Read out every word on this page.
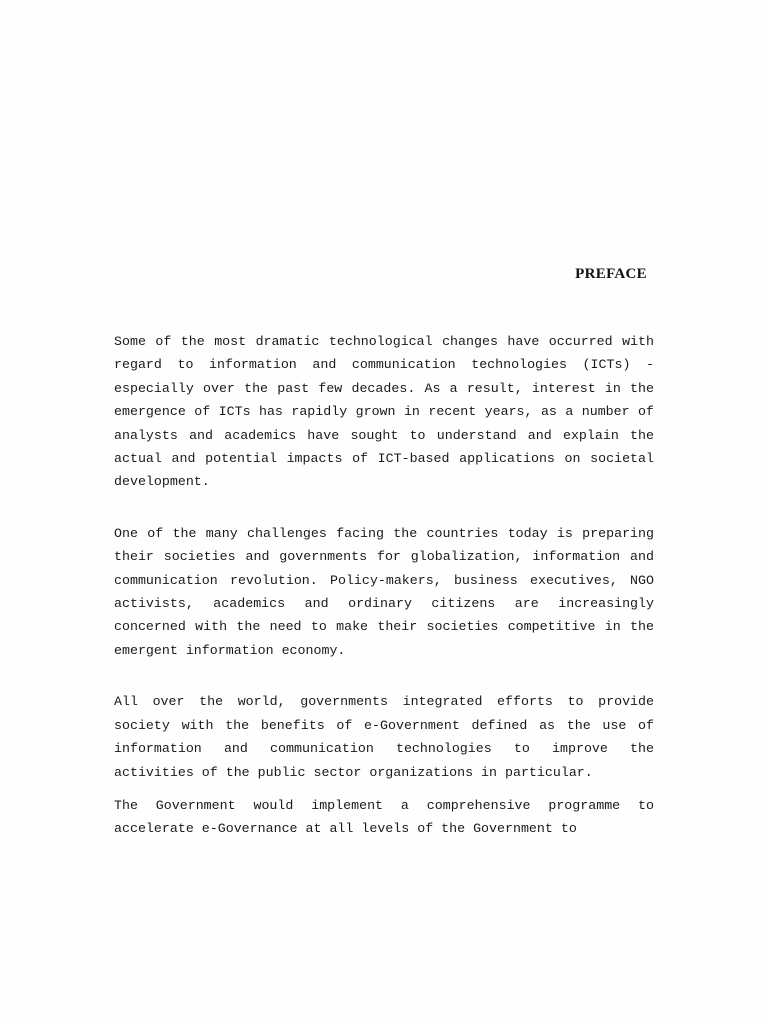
PREFACE

Some of the most dramatic technological changes have occurred with regard to information and communication technologies (ICTs) - especially over the past few decades. As a result, interest in the emergence of ICTs has rapidly grown in recent years, as a number of analysts and academics have sought to understand and explain the actual and potential impacts of ICT-based applications on societal development.

One of the many challenges facing the countries today is preparing their societies and governments for globalization, information and communication revolution. Policy-makers, business executives, NGO activists, academics and ordinary citizens are increasingly concerned with the need to make their societies competitive in the emergent information economy.

All over the world, governments integrated efforts to provide society with the benefits of e-Government defined as the use of information and communication technologies to improve the activities of the public sector organizations in particular.

The Government would implement a comprehensive programme to accelerate e-Governance at all levels of the Government to
